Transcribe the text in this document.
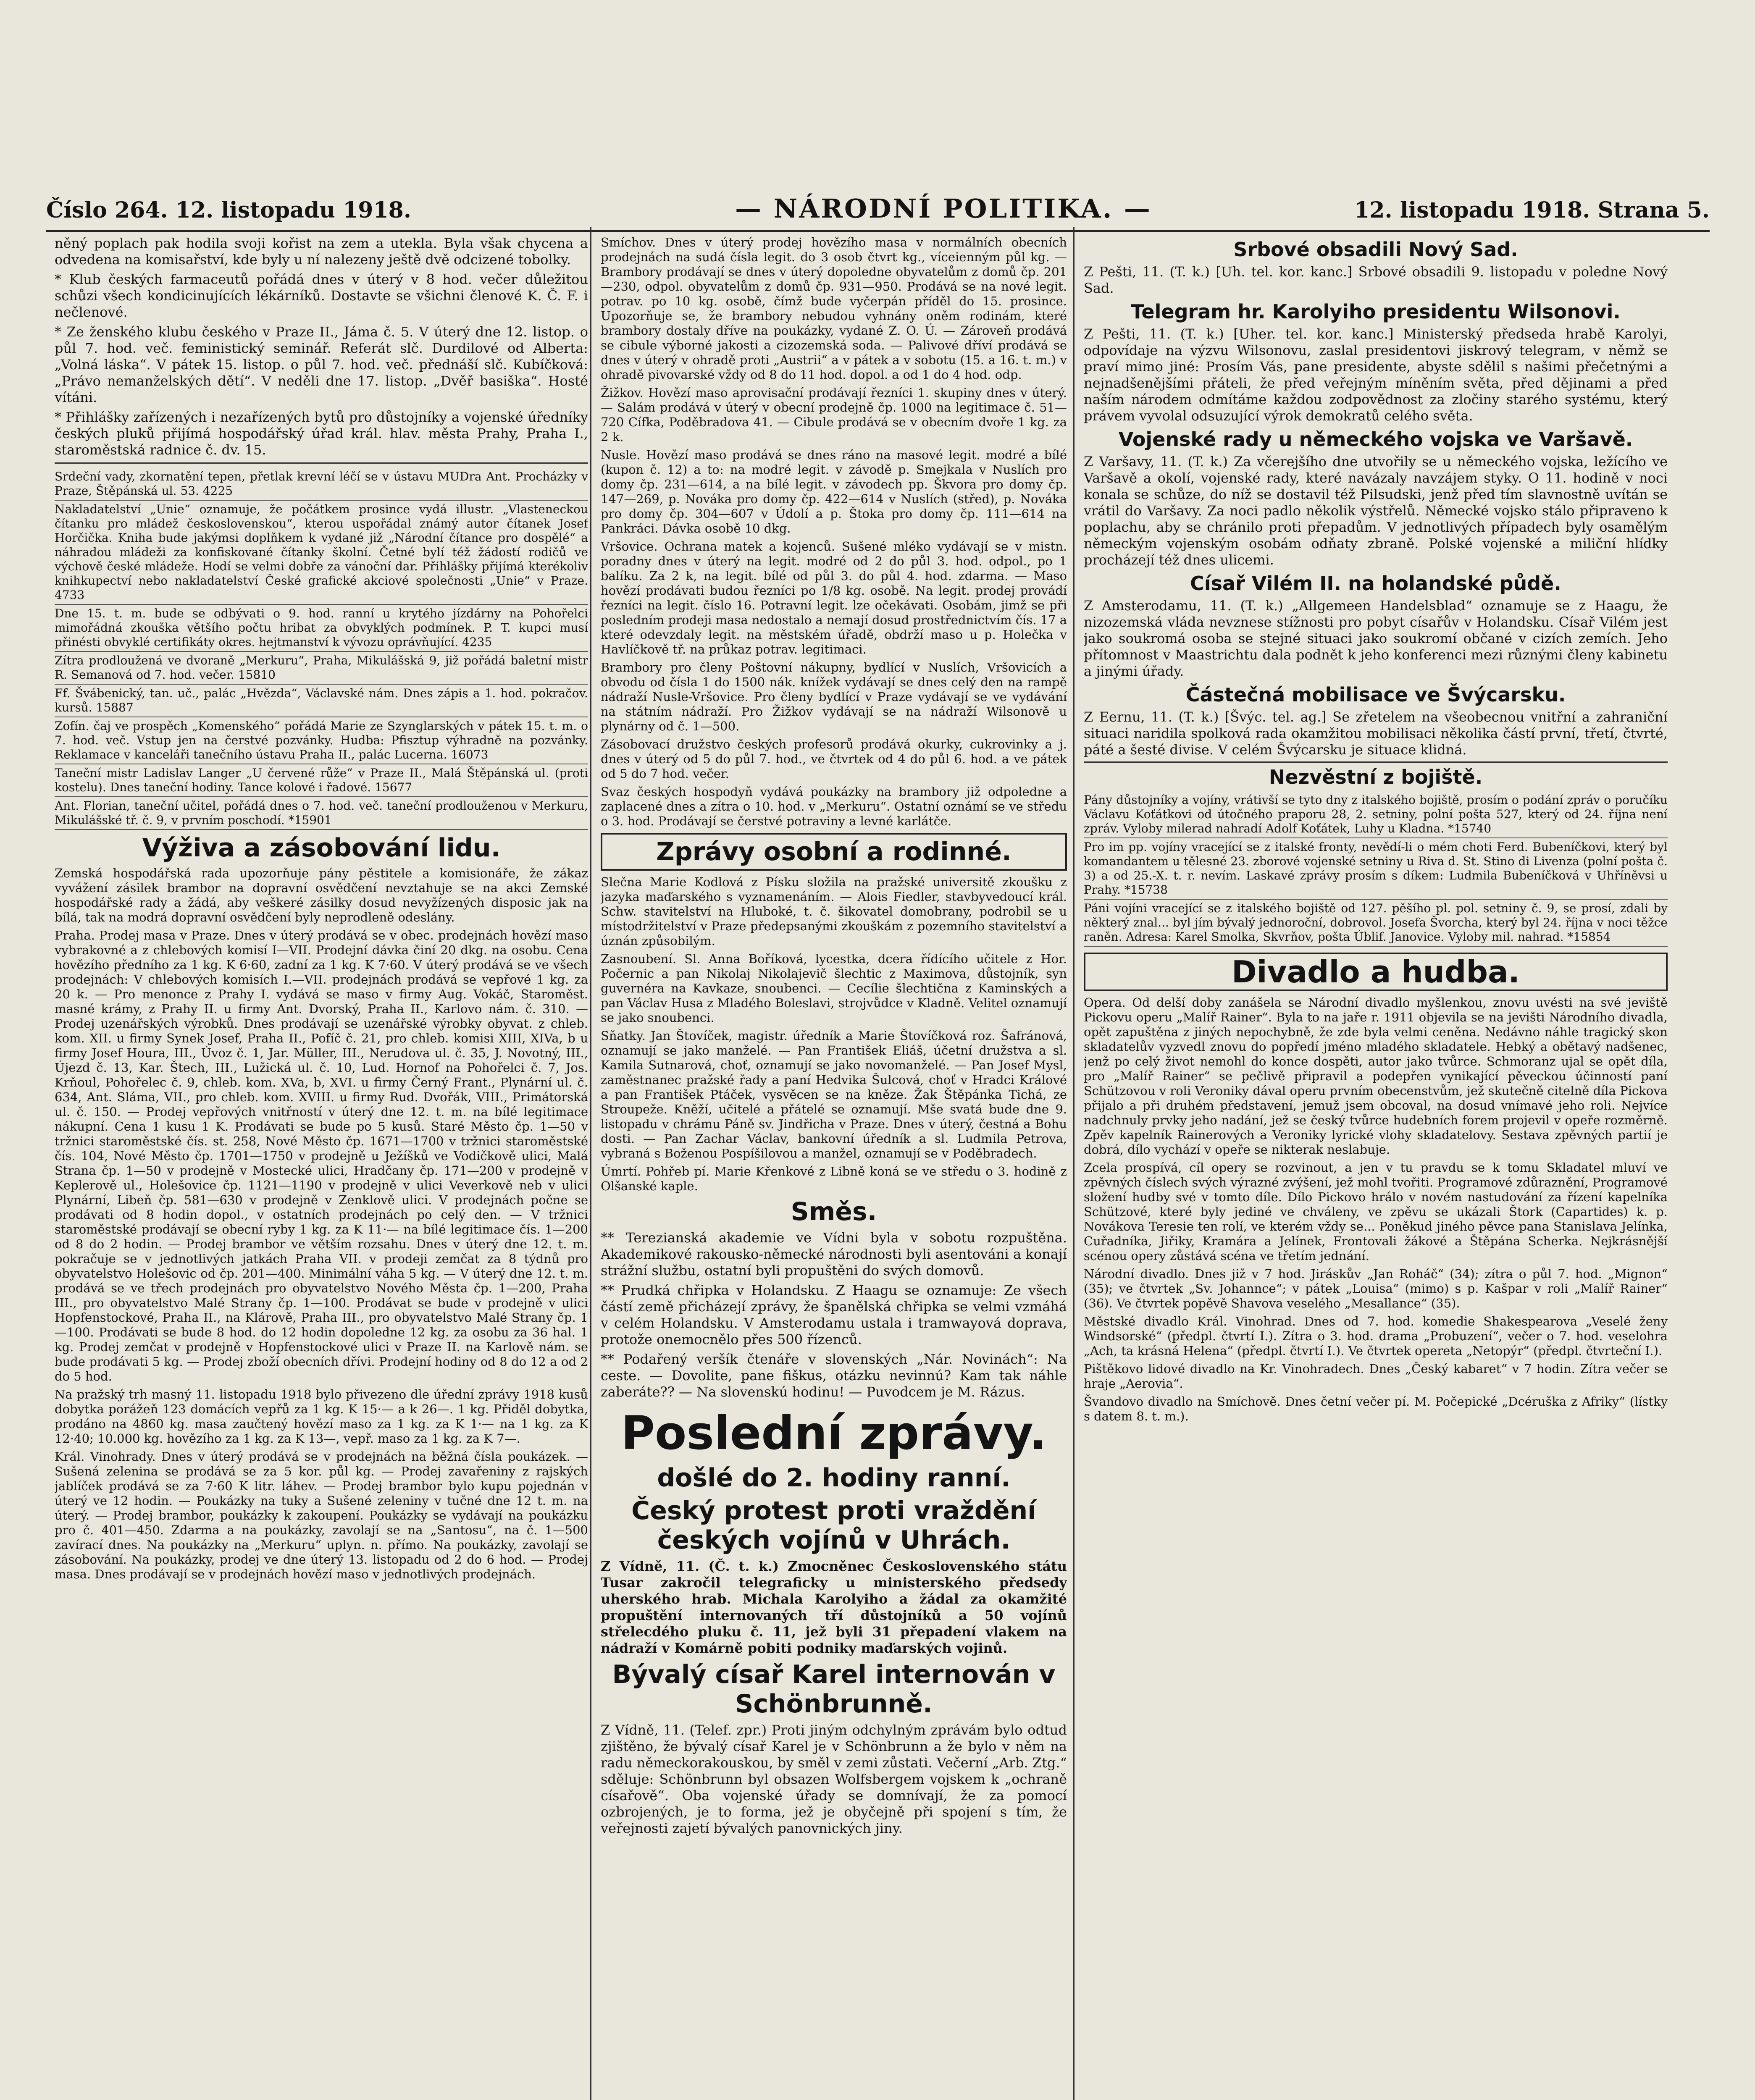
Číslo 264. 12. listopadu 1918.	— NÁRODNÍ POLITIKA. —	12. listopadu 1918. Strana 5.

něný poplach pak hodila svoji kořist na zem a utekla. Byla však chycena a odvedena na komisařství, kde byly u ní nalezeny ještě dvě odcizené tobolky.

* Klub českých farmaceutů pořádá dnes v úterý v 8 hod. večer důležitou schůzi všech kondicinujících lékárníků. Dostavte se všichni členové K. Č. F. i nečlenové.

* Ze ženského klubu českého v Praze II., Jáma č. 5. V úterý dne 12. listop. o půl 7. hod. več. feministický seminář. Referát slč. Durdilové od Alberta: „Volná láska“. V pátek 15. listop. o půl 7. hod. več. přednáší slč. Kubíčková: „Právo nemanželských dětí“. V neděli dne 17. listop. „Dvěř basiška“. Hosté vítáni.

* Přihlášky zařízených i nezařízených bytů pro důstojníky a vojenské úředníky českých pluků přijímá hospodářský úřad král. hlav. města Prahy, Praha I., staroměstská radnice č. dv. 15.

Srdeční vady, zkornatění tepen, přetlak krevní léčí se v ústavu MUDra Ant. Procházky v Praze, Štěpánská ul. 53. 4225
Nakladatelství „Unie“ oznamuje, že počátkem prosince vydá illustr. „Vlasteneckou čítanku pro mládež československou“, kterou uspořádal známý autor čítanek Josef Horčička. Kniha bude jakýmsi doplňkem k vydané již „Národní čítance pro dospělé“ a náhradou mládeži za konfiskované čítanky školní. Četné bylí též žádostí rodičů ve výchově české mládeže. Hodí se velmi dobře za vánoční dar. Přihlášky přijímá kterékoliv knihkupectví nebo nakladatelství České grafické akciové společnosti „Unie“ v Praze. 4733
Dne 15. t. m. bude se odbývati o 9. hod. ranní u krytého jízdárny na Pohořelci mimořádná zkouška většího počtu hribat za obvyklých podmínek. P. T. kupci musí přinésti obvyklé certifikáty okres. hejtmanství k vývozu oprávňující. 4235
Zítra prodloužená ve dvoraně „Merkuru“, Praha, Mikulášská 9, již pořádá baletní mistr R. Semanová od 7. hod. večer. 15810
Ff. Švábenický, tan. uč., palác „Hvězda“, Václavské nám. Dnes zápis a 1. hod. pokračov. kursů. 15887
Zofín. čaj ve prospěch „Komenského“ pořádá Marie ze Szynglarských v pátek 15. t. m. o 7. hod. več. Vstup jen na čerstvé pozvánky. Hudba: Pfisztup výhradně na pozvánky. Reklamace v kanceláři tanečního ústavu Praha II., palác Lucerna. 16073
Taneční mistr Ladislav Langer „U červené růže“ v Praze II., Malá Štěpánská ul. (proti kostelu). Dnes taneční hodiny. Tance kolové i řadové. 15677
Ant. Florian, taneční učitel, pořádá dnes o 7. hod. več. taneční prodlouženou v Merkuru, Mikulášské tř. č. 9, v prvním poschodí. *15901
Výživa a zásobování lidu.

Zemská hospodářská rada upozorňuje pány pěstitele a komisionáře, že zákaz vyvážení zásilek brambor na dopravní osvědčení nevztahuje se na akci Zemské hospodářské rady a žádá, aby veškeré zásilky dosud nevyžízených disposic jak na bílá, tak na modrá dopravní osvědčení byly neprodleně odeslány.

Praha. Prodej masa v Praze. Dnes v úterý prodává se v obec. prodejnách hovězí maso vybrakovné a z chlebových komisí I—VII. Prodejní dávka činí 20 dkg. na osobu. Cena hovězího předního za 1 kg. K 6·60, zadní za 1 kg. K 7·60. V úterý prodává se ve všech prodejnách: V chlebových komisích I.—VII. prodejnách prodává se vepřové 1 kg. za 20 k. — Pro menonce z Prahy I. vydává se maso v firmy Aug. Vokáč, Staroměst. masné krámy, z Prahy II. u firmy Ant. Dvorský, Praha II., Karlovo nám. č. 310. — Prodej uzenářských výrobků. Dnes prodávají se uzenářské výrobky obyvat. z chleb. kom. XII. u firmy Synek Josef, Praha II., Pofíč č. 21, pro chleb. komisi XIII, XIVa, b u firmy Josef Houra, III., Úvoz č. 1, Jar. Müller, III., Nerudova ul. č. 35, J. Novotný, III., Újezd č. 13, Kar. Štech, III., Lužická ul. č. 10, Lud. Hornof na Pohořelci č. 7, Jos. Krňoul, Pohořelec č. 9, chleb. kom. XVa, b, XVI. u firmy Černý Frant., Plynární ul. č. 634, Ant. Sláma, VII., pro chleb. kom. XVIII. u firmy Rud. Dvořák, VIII., Primátorská ul. č. 150. — Prodej vepřových vnitřností v úterý dne 12. t. m. na bílé legitimace nákupní. Cena 1 kusu 1 K. Prodávati se bude po 5 kusů. Staré Město čp. 1—50 v tržnici staroměstské čís. st. 258, Nové Město čp. 1671—1700 v tržnici staroměstské čís. 104, Nové Město čp. 1701—1750 v prodejně u Ježíšků ve Vodičkově ulici, Malá Strana čp. 1—50 v prodejně v Mostecké ulici, Hradčany čp. 171—200 v prodejně v Keplerově ul., Holešovice čp. 1121—1190 v prodejně v ulici Veverkově neb v ulici Plynární, Libeň čp. 581—630 v prodejně v Zenklově ulici. V prodejnách počne se prodávati od 8 hodin dopol., v ostatních prodejnách po celý den. — V tržnici staroměstské prodávají se obecní ryby 1 kg. za K 11·— na bílé legitimace čís. 1—200 od 8 do 2 hodin. — Prodej brambor ve větším rozsahu. Dnes v úterý dne 12. t. m. pokračuje se v jednotlivých jatkách Praha VII. v prodeji zemčat za 8 týdnů pro obyvatelstvo Holešovic od čp. 201—400. Minimální váha 5 kg. — V úterý dne 12. t. m. prodává se ve třech prodejnách pro obyvatelstvo Nového Města čp. 1—200, Praha III., pro obyvatelstvo Malé Strany čp. 1—100. Prodávat se bude v prodejně v ulici Hopfenstockové, Praha II., na Klárově, Praha III., pro obyvatelstvo Malé Strany čp. 1—100. Prodávati se bude 8 hod. do 12 hodin dopoledne 12 kg. za osobu za 36 hal. 1 kg. Prodej zemčat v prodejně v Hopfenstockové ulici v Praze II. na Karlově nám. se bude prodávati 5 kg. — Prodej zboží obecních dřívi. Prodejní hodiny od 8 do 12 a od 2 do 5 hod.

Na pražský trh masný 11. listopadu 1918 bylo přivezeno dle úřední zprávy 1918 kusů dobytka porážeň 123 domácích vepřů za 1 kg. K 15·— a k 26—. 1 kg. Přiděl dobytka, prodáno na 4860 kg. masa zaučtený hovězí maso za 1 kg. za K 1·— na 1 kg. za K 12·40; 10.000 kg. hovězího za 1 kg. za K 13—, vepř. maso za 1 kg. za K 7—.

Král. Vinohrady. Dnes v úterý prodává se v prodejnách na běžná čísla poukázek. — Sušená zelenina se prodává se za 5 kor. půl kg. — Prodej zavařeniny z rajských jablíček prodává se za 7·60 K litr. láhev. — Prodej brambor bylo kupu pojednán v úterý ve 12 hodin. — Poukázky na tuky a Sušené zeleniny v tučné dne 12 t. m. na úterý. — Prodej brambor, poukázky k zakoupení. Poukázky se vydávají na poukázku pro č. 401—450. Zdarma a na poukázky, zavolají se na „Santosu“, na č. 1—500 zavírací dnes. Na poukázky na „Merkuru“ uplyn. n. přímo. Na poukázky, zavolají se zásobování. Na poukázky, prodej ve dne úterý 13. listopadu od 2 do 6 hod. — Prodej masa. Dnes prodávají se v prodejnách hovězí maso v jednotlivých prodejnách.

Smíchov. Dnes v úterý prodej hovězího masa v normálních obecních prodejnách na sudá čísla legit. do 3 osob čtvrt kg., víceienným půl kg. — Brambory prodávají se dnes v úterý dopoledne obyvatelům z domů čp. 201—230, odpol. obyvatelům z domů čp. 931—950. Prodává se na nové legit. potrav. po 10 kg. osobě, čímž bude vyčerpán příděl do 15. prosince. Upozorňuje se, že brambory nebudou vyhnány oněm rodinám, které brambory dostaly dříve na poukázky, vydané Z. O. Ú. — Zároveň prodává se cibule výborné jakosti a cizozemská soda. — Palivové dříví prodává se dnes v úterý v ohradě proti „Austrii“ a v pátek a v sobotu (15. a 16. t. m.) v ohradě pivovarské vždy od 8 do 11 hod. dopol. a od 1 do 4 hod. odp.

Žižkov. Hovězí maso aprovisační prodávají řezníci 1. skupiny dnes v úterý. — Salám prodává v úterý v obecní prodejně čp. 1000 na legitimace č. 51—720 Cífka, Poděbradova 41. — Cibule prodává se v obecním dvoře 1 kg. za 2 k.

Nusle. Hovězí maso prodává se dnes ráno na masové legit. modré a bílé (kupon č. 12) a to: na modré legit. v závodě p. Smejkala v Nuslích pro domy čp. 231—614, a na bílé legit. v závodech pp. Škvora pro domy čp. 147—269, p. Nováka pro domy čp. 422—614 v Nuslích (střed), p. Nováka pro domy čp. 304—607 v Údolí a p. Štoka pro domy čp. 111—614 na Pankráci. Dávka osobě 10 dkg.

Vršovice. Ochrana matek a kojenců. Sušené mléko vydávají se v mistn. poradny dnes v úterý na legit. modré od 2 do půl 3. hod. odpol., po 1 balíku. Za 2 k, na legit. bílé od půl 3. do půl 4. hod. zdarma. — Maso hovězí prodávati budou řezníci po 1/8 kg. osobě. Na legit. prodej provádí řezníci na legit. číslo 16. Potravní legit. lze očekávati. Osobám, jimž se při posledním prodeji masa nedostalo a nemají dosud prostřednictvím čís. 17 a které odevzdaly legit. na městském úřadě, obdrží maso u p. Holečka v Havlíčkově tř. na průkaz potrav. legitimaci.

Brambory pro členy Poštovní nákupny, bydlící v Nuslích, Vršovicích a obvodu od čísla 1 do 1500 nák. knížek vydávají se dnes celý den na rampě nádraží Nusle-Vršovice. Pro členy bydlící v Praze vydávají se ve vydávání na státním nádraží. Pro Žižkov vydávají se na nádraží Wilsonově u plynárny od č. 1—500.

Zásobovací družstvo českých profesorů prodává okurky, cukrovinky a j. dnes v úterý od 5 do půl 7. hod., ve čtvrtek od 4 do půl 6. hod. a ve pátek od 5 do 7 hod. večer.

Svaz českých hospodyň vydává poukázky na brambory již odpoledne a zaplacené dnes a zítra o 10. hod. v „Merkuru“. Ostatní oznámí se ve středu o 3. hod. Prodávají se čerstvé potraviny a levné karlátče.

Zprávy osobní a rodinné.

Slečna Marie Kodlová z Písku složila na pražské universitě zkoušku z jazyka maďarského s vyznamenáním. — Alois Fiedler, stavbyvedoucí král. Schw. stavitelství na Hluboké, t. č. šikovatel domobrany, podrobil se u místodržitelství v Praze předepsanými zkouškám z pozemního stavitelství a úznán způsobilým.

Zasnoubení. Sl. Anna Boříková, lycestka, dcera řídícího učitele z Hor. Počernic a pan Nikolaj Nikolajevič šlechtic z Maximova, důstojník, syn guvernéra na Kavkaze, snoubenci. — Cecílie šlechtična z Kaminských a pan Václav Husa z Mladého Boleslavi, strojvůdce v Kladně. Velitel oznamují se jako snoubenci.

Sňatky. Jan Štovíček, magistr. úředník a Marie Štovíčková roz. Šafránová, oznamují se jako manželé. — Pan František Eliáš, účetní družstva a sl. Kamila Sutnarová, choť, oznamují se jako novomanželé. — Pan Josef Mysl, zaměstnanec pražské řady a paní Hedvika Šulcová, choť v Hradci Králové a pan František Ptáček, vysvěcen se na kněze. Žak Štěpánka Tichá, ze Stroupeže. Kněží, učitelé a přátelé se oznamují. Mše svatá bude dne 9. listopadu v chrámu Páně sv. Jindřicha v Praze. Dnes v úterý, čestná a Bohu dosti. — Pan Zachar Václav, bankovní úředník a sl. Ludmila Petrova, vybraná s Boženou Pospíšilovou a manžel, oznamují se v Poděbradech.

Úmrtí. Pohřeb pí. Marie Křenkové z Libně koná se ve středu o 3. hodině z Olšanské kaple.

Směs.

** Terezianská akademie ve Vídni byla v sobotu rozpuštěna. Akademikové rakousko-německé národnosti byli asentováni a konají strážní službu, ostatní byli propuštěni do svých domovů.

** Prudká chřipka v Holandsku. Z Haagu se oznamuje: Ze všech částí země přicházejí zprávy, že španělská chřipka se velmi vzmáhá v celém Holandsku. V Amsterodamu ustala i tramwayová doprava, protože onemocnělo přes 500 řízenců.

** Podařený veršík čtenáře v slovenských „Nár. Novinách“: Na ceste. — Dovolite, pane fiškus, otázku nevinnú? Kam tak náhle zaberáte?? — Na slovenskú hodinu! — Puvodcem je M. Rázus.

Poslední zprávy.
došlé do 2. hodiny ranní.
Český protest proti vraždění českých vojínů v Uhrách.

Z Vídně, 11. (Č. t. k.) Zmocněnec Československého státu Tusar zakročil telegraficky u ministerského předsedy uherského hrab. Michala Karolyiho a žádal za okamžité propuštění internovaných tří důstojníků a 50 vojínů střelecdého pluku č. 11, jež byli 31 přepadení vlakem na nádraží v Komárně pobiti podniky maďarských vojinů.

Bývalý císař Karel internován v Schönbrunně.

Z Vídně, 11. (Telef. zpr.) Proti jiným odchylným zprávám bylo odtud zjištěno, že bývalý císař Karel je v Schönbrunn a že bylo v něm na radu německorakouskou, by směl v zemi zůstati. Večerní „Arb. Ztg.“ sděluje: Schönbrunn byl obsazen Wolfsbergem vojskem k „ochraně císařově“. Oba vojenské úřady se domnívají, že za pomocí ozbrojených, je to forma, jež je obyčejně při spojení s tím, že veřejnosti zajetí bývalých panovnických jiny.

Srbové obsadili Nový Sad.

Z Pešti, 11. (T. k.) [Uh. tel. kor. kanc.] Srbové obsadili 9. listopadu v poledne Nový Sad.

Telegram hr. Karolyiho presidentu Wilsonovi.

Z Pešti, 11. (T. k.) [Uher. tel. kor. kanc.] Ministerský předseda hrabě Karolyi, odpovídaje na výzvu Wilsonovu, zaslal presidentovi jiskrový telegram, v němž se praví mimo jiné: Prosím Vás, pane presidente, abyste sdělil s našimi přečetnými a nejnadšenějšími přáteli, že před veřejným míněním světa, před dějinami a před naším národem odmítáme každou zodpovědnost za zločiny starého systému, který právem vyvolal odsuzující výrok demokratů celého světa.

Vojenské rady u německého vojska ve Varšavě.

Z Varšavy, 11. (T. k.) Za včerejšího dne utvořily se u německého vojska, ležícího ve Varšavě a okolí, vojenské rady, které navázaly navzájem styky. O 11. hodině v noci konala se schůze, do níž se dostavil též Pilsudski, jenž před tím slavnostně uvítán se vrátil do Varšavy. Za noci padlo několik výstřelů. Německé vojsko stálo připraveno k poplachu, aby se chránilo proti přepadům. V jednotlivých případech byly osamělým německým vojenským osobám odňaty zbraně. Polské vojenské a miliční hlídky procházejí též dnes ulicemi.

Císař Vilém II. na holandské půdě.

Z Amsterodamu, 11. (T. k.) „Allgemeen Handelsblad“ oznamuje se z Haagu, že nizozemská vláda nevznese stížnosti pro pobyt císařův v Holandsku. Císař Vilém jest jako soukromá osoba se stejné situaci jako soukromí občané v cizích zemích. Jeho přítomnost v Maastrichtu dala podnět k jeho konferenci mezi různými členy kabinetu a jinými úřady.

Částečná mobilisace ve Švýcarsku.

Z Eernu, 11. (T. k.) [Švýc. tel. ag.] Se zřetelem na všeobecnou vnitřní a zahraniční situaci naridila spolková rada okamžitou mobilisaci několika částí první, třetí, čtvrté, páté a šesté divise. V celém Švýcarsku je situace klidná.

Nezvěstní z bojiště.
Pány důstojníky a vojíny, vrátivší se tyto dny z italského bojiště, prosím o podání zpráv o poručíku Václavu Koťátkovi od útočného praporu 28, 2. setniny, polní pošta 527, který od 24. října není zpráv. Vyloby milerad nahradí Adolf Koťátek, Luhy u Kladna. *15740
Pro im pp. vojíny vracející se z italské fronty, nevědí-li o mém choti Ferd. Bubeníčkovi, který byl komandantem u tělesné 23. zborové vojenské setniny u Riva d. St. Stino di Livenza (polní pošta č. 3) a od 25.-X. t. r. nevím. Laskavé zprávy prosím s díkem: Ludmila Bubeníčková v Uhříněvsi u Prahy. *15738
Páni vojíni vracející se z italského bojiště od 127. pěšího pl. pol. setniny č. 9, se prosí, zdali by některý znal... byl jím bývalý jednoroční, dobrovol. Josefa Švorcha, který byl 24. října v noci těžce raněn. Adresa: Karel Smolka, Skvrňov, pošta Úblif. Janovice. Vyloby mil. nahrad. *15854
Divadlo a hudba.

Opera. Od delší doby zanášela se Národní divadlo myšlenkou, znovu uvésti na své jeviště Pickovu operu „Malíř Rainer“. Byla to na jaře r. 1911 objevila se na jevišti Národního divadla, opět zapuštěna z jiných nepochybně, že zde byla velmi ceněna. Nedávno náhle tragický skon skladatelův vyzvedl znovu do popředí jméno mladého skladatele. Hebký a obětavý nadšenec, jenž po celý život nemohl do konce dospěti, autor jako tvůrce. Schmoranz ujal se opět díla, pro „Malíř Rainer“ se pečlivě připravil a podepřen vynikající pěveckou účinností paní Schützovou v roli Veroniky dával operu prvním obecenstvům, jež skutečně citelně díla Pickova přijalo a při druhém představení, jemuž jsem obcoval, na dosud vnímavé jeho roli. Nejvíce nadchnuly prvky jeho nadání, jež se český tvůrce hudebních forem projevil v opeře rozměrně. Zpěv kapelník Rainerových a Veroniky lyrické vlohy skladatelovy. Sestava zpěvných partií je dobrá, dílo vychází v opeře se nikterak neslabuje.

Zcela prospívá, cíl opery se rozvinout, a jen v tu pravdu se k tomu Skladatel mluví ve zpěvných číslech svých výrazné zvýšení, jež mohl tvořiti. Programové zdůraznění, Programové složení hudby své v tomto díle. Dílo Pickovo hrálo v novém nastudování za řízení kapelníka Schützové, které byly jediné ve chváleny, ve zpěvu se ukázali Štork (Capartides) k. p. Novákova Teresie ten rolí, ve kterém vždy se... Poněkud jiného pěvce pana Stanislava Jelínka, Cuřadníka, Jiřiky, Kramára a Jelínek, Frontovali žákové a Štěpána Scherka. Nejkrásnější scénou opery zůstává scéna ve třetím jednání.

Národní divadlo. Dnes již v 7 hod. Jiráskův „Jan Roháč“ (34); zítra o půl 7. hod. „Mignon“ (35); ve čtvrtek „Sv. Johannce“; v pátek „Louisa“ (mimo) s p. Kašpar v roli „Malíř Rainer“ (36). Ve čtvrtek popěvě Shavova veselého „Mesallance“ (35).

Městské divadlo Král. Vinohrad. Dnes od 7. hod. komedie Shakespearova „Veselé ženy Windsorské“ (předpl. čtvrtí I.). Zítra o 3. hod. drama „Probuzení“, večer o 7. hod. veselohra „Ach, ta krásná Helena“ (předpl. čtvrtí I.). Ve čtvrtek opereta „Netopýr“ (předpl. čtvrteční I.).

Pištěkovo lidové divadlo na Kr. Vinohradech. Dnes „Český kabaret“ v 7 hodin. Zítra večer se hraje „Aerovia“.

Švandovo divadlo na Smíchově. Dnes četní večer pí. M. Počepické „Dcéruška z Afriky“ (lístky s datem 8. t. m.).
